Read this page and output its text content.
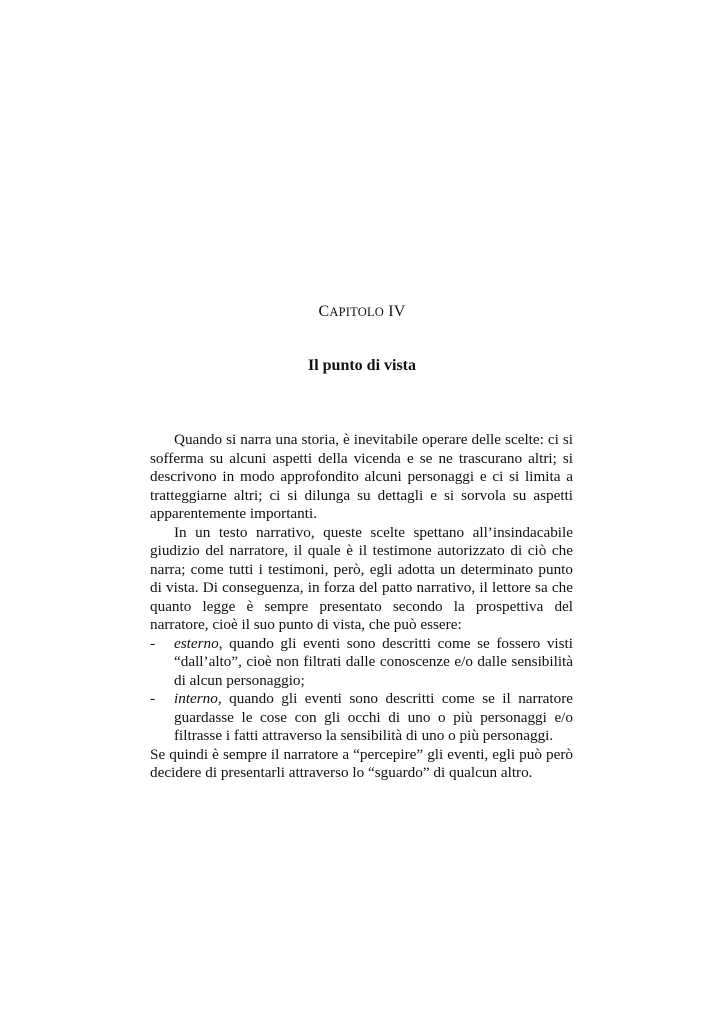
CAPITOLO IV
Il punto di vista

Quando si narra una storia, è inevitabile operare delle scelte: ci si sofferma su alcuni aspetti della vicenda e se ne trascurano altri; si descrivono in modo approfondito alcuni personaggi e ci si limita a tratteggiarne altri; ci si dilunga su dettagli e si sorvola su aspetti apparentemente importanti.

In un testo narrativo, queste scelte spettano all’insindacabile giudizio del narratore, il quale è il testimone autorizzato di ciò che narra; come tutti i testimoni, però, egli adotta un determinato punto di vista. Di conseguenza, in forza del patto narrativo, il lettore sa che quanto legge è sempre presentato secondo la prospettiva del narratore, cioè il suo punto di vista, che può essere:

- esterno, quando gli eventi sono descritti come se fossero visti “dall’alto”, cioè non filtrati dalle conoscenze e/o dalle sensibilità di alcun personaggio;
- interno, quando gli eventi sono descritti come se il narratore guardasse le cose con gli occhi di uno o più personaggi e/o filtrasse i fatti attraverso la sensibilità di uno o più personaggi.

Se quindi è sempre il narratore a “percepire” gli eventi, egli può però decidere di presentarli attraverso lo “sguardo” di qualcun altro.
